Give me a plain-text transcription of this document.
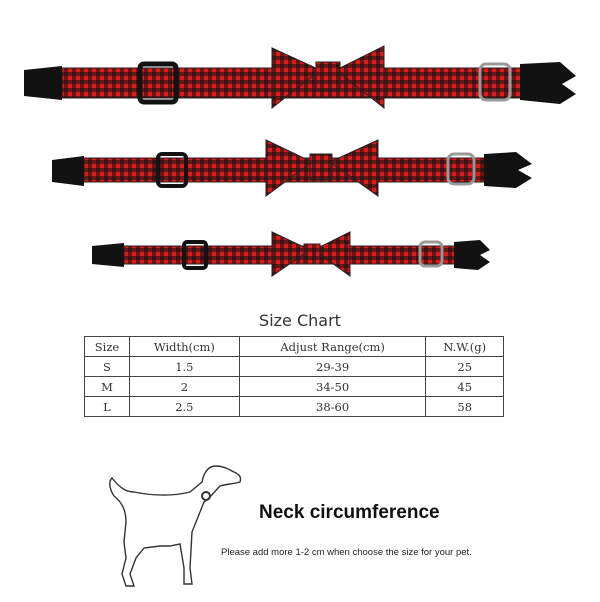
Size Chart
Size	Width(cm)	Adjust Range(cm)	N.W.(g)
S	1.5	29-39	25
M	2	34-50	45
L	2.5	38-60	58
Neck circumference
Please add more 1-2 cm when choose the size for your pet.
